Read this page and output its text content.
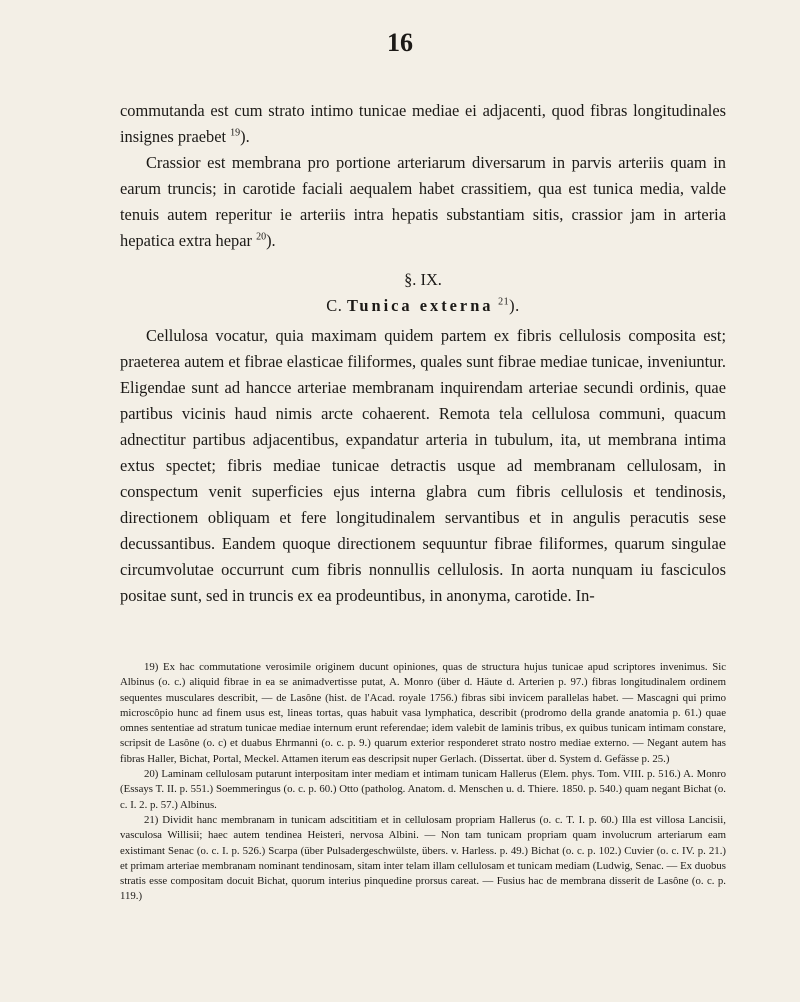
16

commutanda est cum strato intimo tunicae mediae ei adjacenti, quod fibras longitudinales insignes praebet $^{19}$).

Crassior est membrana pro portione arteriarum diversarum in parvis arteriis quam in earum truncis; in carotide faciali aequalem habet crassitiem, qua est tunica media, valde tenuis autem reperitur ie arteriis intra hepatis substantiam sitis, crassior jam in arteria hepatica extra hepar $^{20}$).

§. IX.

C. Tunica externa $^{21}$).

Cellulosa vocatur, quia maximam quidem partem ex fibris cellulosis composita est; praeterea autem et fibrae elasticae filiformes, quales sunt fibrae mediae tunicae, inveniuntur. Eligendae sunt ad hancce arteriae membranam inquirendam arteriae secundi ordinis, quae partibus vicinis haud nimis arcte cohaerent. Remota tela cellulosa communi, quacum adnectitur partibus adjacentibus, expandatur arteria in tubulum, ita, ut membrana intima extus spectet; fibris mediae tunicae detractis usque ad membranam cellulosam, in conspectum venit superficies ejus interna glabra cum fibris cellulosis et tendinosis, directionem obliquam et fere longitudinalem servantibus et in angulis peracutis sese decussantibus. Eandem quoque directionem sequuntur fibrae filiformes, quarum singulae circumvolutae occurrunt cum fibris nonnullis cellulosis. In aorta nunquam iu fasciculos positae sunt, sed in truncis ex ea prodeuntibus, in anonyma, carotide. In-

19) Ex hac commutatione verosimile originem ducunt opiniones, quas de structura hujus tunicae apud scriptores invenimus. Sic Albinus (o. c.) aliquid fibrae in ea se animadvertisse putat, A. Monro (über d. Häute d. Arterien p. 97.) fibras longitudinalem ordinem sequentes musculares describit, — de Lasône (hist. de l'Acad. royale 1756.) fibras sibi invicem parallelas habet. — Mascagni qui primo microscôpio hunc ad finem usus est, lineas tortas, quas habuit vasa lymphatica, describit (prodromo della grande anatomia p. 61.) quae omnes sententiae ad stratum tunicae mediae internum erunt referendae; idem valebit de laminis tribus, ex quibus tunicam intimam constare, scripsit de Lasône (o. c) et duabus Ehrmanni (o. c. p. 9.) quarum exterior responderet strato nostro mediae externo. — Negant autem has fibras Haller, Bichat, Portal, Meckel. Attamen iterum eas descripsit nuper Gerlach. (Dissertat. über d. System d. Gefässe p. 25.)

20) Laminam cellulosam putarunt interpositam inter mediam et intimam tunicam Hallerus (Elem. phys. Tom. VIII. p. 516.) A. Monro (Essays T. II. p. 551.) Soemmeringus (o. c. p. 60.) Otto (patholog. Anatom. d. Menschen u. d. Thiere. 1850. p. 540.) quam negant Bichat (o. c. I. 2. p. 57.) Albinus.

21) Dividit hanc membranam in tunicam adscititiam et in cellulosam propriam Hallerus (o. c. T. I. p. 60.) Illa est villosa Lancisii, vasculosa Willisii; haec autem tendinea Heisteri, nervosa Albini. — Non tam tunicam propriam quam involucrum arteriarum eam existimant Senac (o. c. I. p. 526.) Scarpa (über Pulsadergeschwülste, übers. v. Harless. p. 49.) Bichat (o. c. p. 102.) Cuvier (o. c. IV. p. 21.) et primam arteriae membranam nominant tendinosam, sitam inter telam illam cellulosam et tunicam mediam (Ludwig, Senac. — Ex duobus stratis esse compositam docuit Bichat, quorum interius pinquedine prorsus careat. — Fusius hac de membrana disserit de Lasône (o. c. p. 119.)
